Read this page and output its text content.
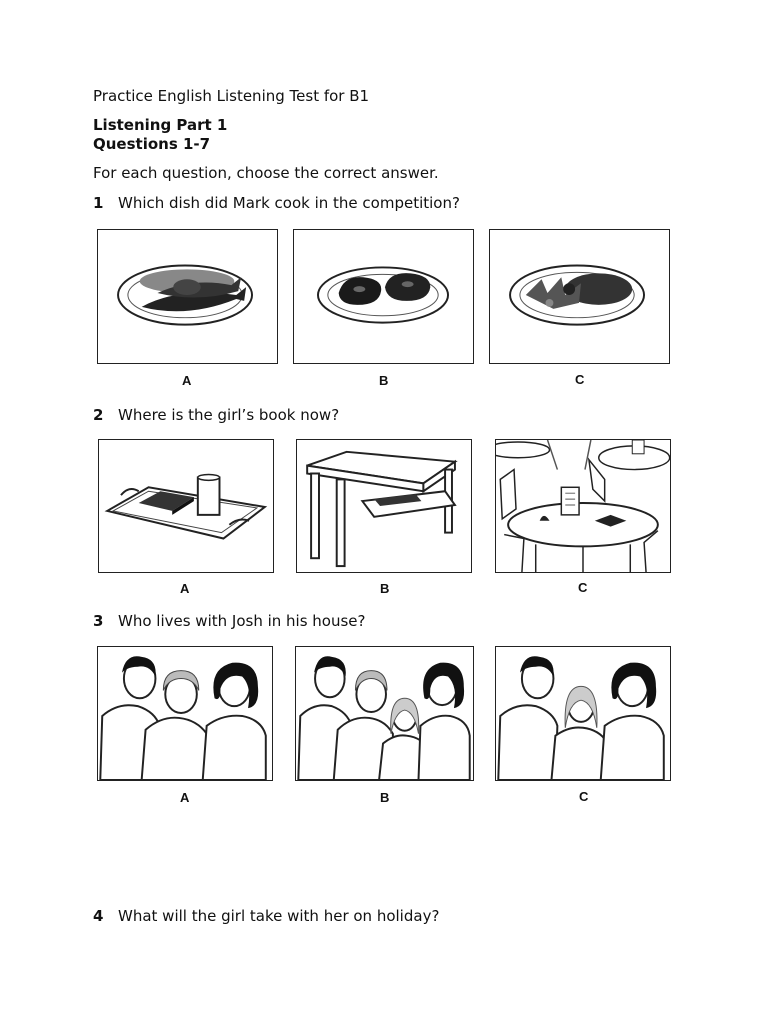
Practice English Listening Test for B1
Listening Part 1
Questions 1-7
For each question, choose the correct answer.
1 Which dish did Mark cook in the competition?
A	B	C
2 Where is the girl’s book now?
A	B	C
3 Who lives with Josh in his house?
A	B	C
4 What will the girl take with her on holiday?
